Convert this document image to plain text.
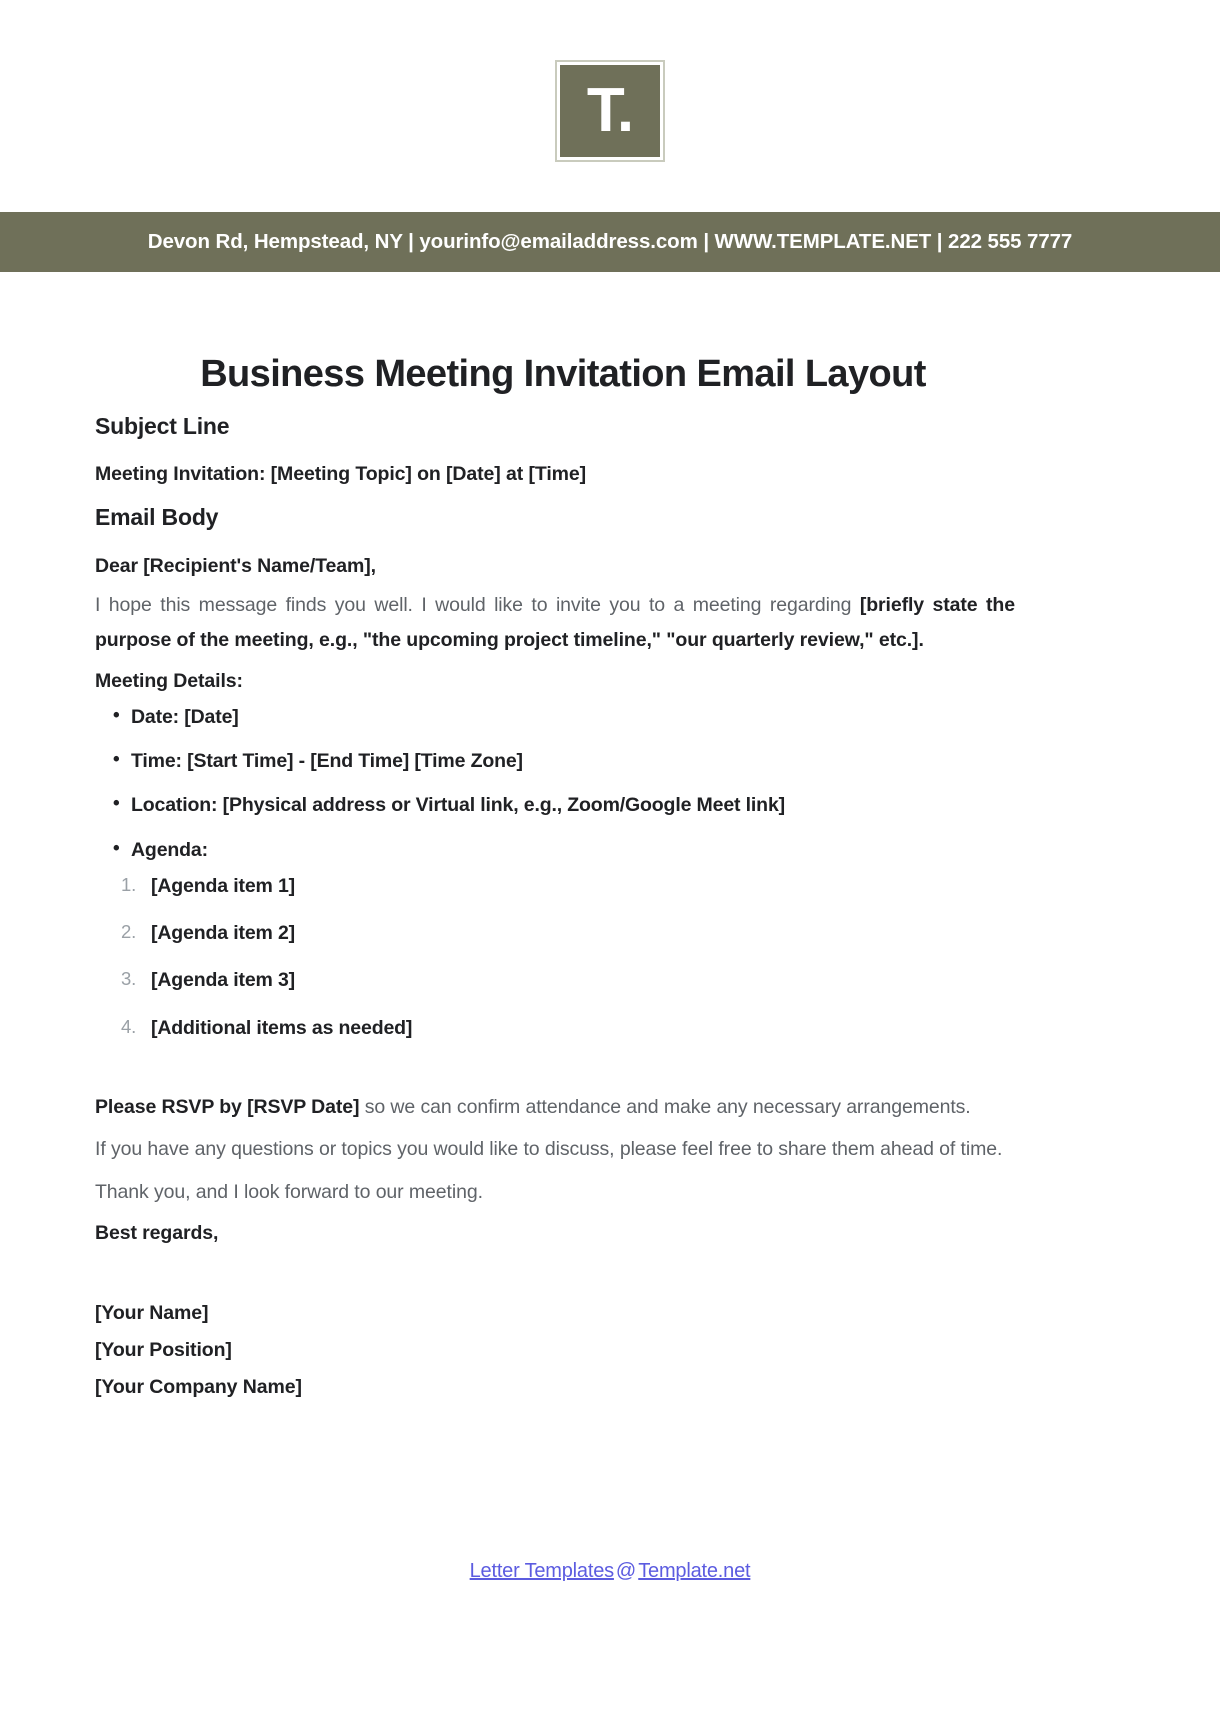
T.
Devon Rd, Hempstead, NY | yourinfo@emailaddress.com | WWW.TEMPLATE.NET | 222 555 7777
Business Meeting Invitation Email Layout
Subject Line
Meeting Invitation: [Meeting Topic] on [Date] at [Time]
Email Body
Dear [Recipient's Name/Team],

I hope this message finds you well. I would like to invite you to a meeting regarding [briefly state the purpose of the meeting, e.g., "the upcoming project timeline," "our quarterly review," etc.].

Meeting Details:
• Date: [Date]
• Time: [Start Time] - [End Time] [Time Zone]
• Location: [Physical address or Virtual link, e.g., Zoom/Google Meet link]
• Agenda:
[Agenda item 1]
[Agenda item 2]
[Agenda item 3]
[Additional items as needed]

Please RSVP by [RSVP Date] so we can confirm attendance and make any necessary arrangements.

If you have any questions or topics you would like to discuss, please feel free to share them ahead of time.

Thank you, and I look forward to our meeting.

Best regards,
[Your Name]
[Your Position]
[Your Company Name]
Letter Templates @ Template.net
